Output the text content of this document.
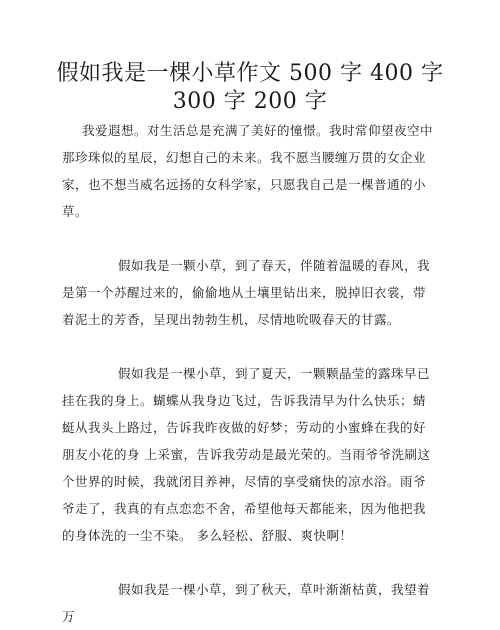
假如我是一棵小草作文 500 字 400 字
300 字 200 字

我爱遐想。对生活总是充满了美好的憧憬。我时常仰望夜空中那珍珠似的星辰，幻想自己的未来。我不愿当腰缠万贯的女企业家，也不想当威名远扬的女科学家，只愿我自己是一棵普通的小草。

假如我是一颗小草，到了春天，伴随着温暖的春风，我是第一个苏醒过来的，偷偷地从土壤里钻出来，脱掉旧衣裳，带着泥土的芳香，呈现出勃勃生机，尽情地吮吸春天的甘露。

假如我是一棵小草，到了夏天，一颗颗晶莹的露珠早已挂在我的身上。蝴蝶从我身边飞过，告诉我清早为什么快乐；蜻蜓从我头上路过，告诉我昨夜做的好梦；劳动的小蜜蜂在我的好朋友小花的身 上采蜜，告诉我劳动是最光荣的。当雨爷爷洗刷这个世界的时候，我就闭目养神，尽情的享受痛快的凉水浴。雨爷爷走了，我真的有点恋恋不舍，希望他每天都能来，因为他把我的身体洗的一尘不染。 多么轻松、舒服、爽快啊！

假如我是一棵小草，到了秋天，草叶渐渐枯黄，我望着万
